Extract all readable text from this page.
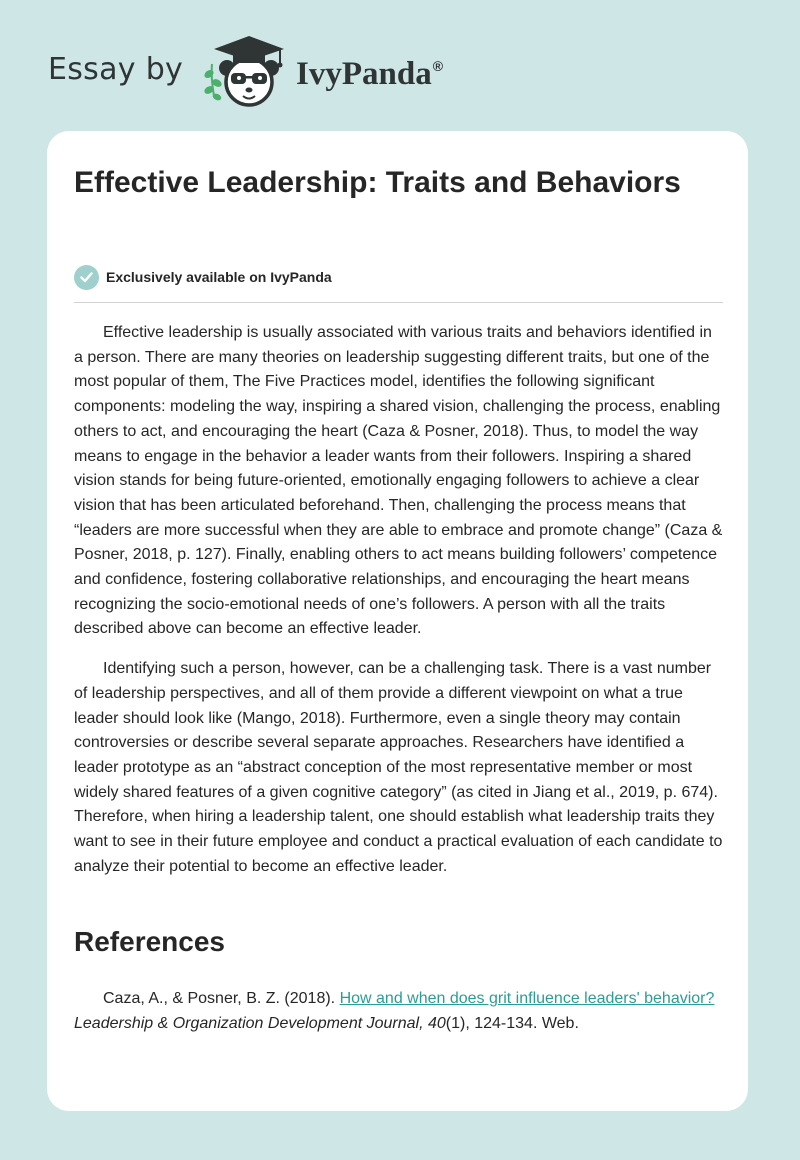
Essay by	IvyPanda®
Effective Leadership: Traits and Behaviors
Exclusively available on IvyPanda

Effective leadership is usually associated with various traits and behaviors identified in a person. There are many theories on leadership suggesting different traits, but one of the most popular of them, The Five Practices model, identifies the following significant components: modeling the way, inspiring a shared vision, challenging the process, enabling others to act, and encouraging the heart (Caza & Posner, 2018). Thus, to model the way means to engage in the behavior a leader wants from their followers. Inspiring a shared vision stands for being future-oriented, emotionally engaging followers to achieve a clear vision that has been articulated beforehand. Then, challenging the process means that “leaders are more successful when they are able to embrace and promote change” (Caza & Posner, 2018, p. 127). Finally, enabling others to act means building followers’ competence and confidence, fostering collaborative relationships, and encouraging the heart means recognizing the socio-emotional needs of one’s followers. A person with all the traits described above can become an effective leader.

Identifying such a person, however, can be a challenging task. There is a vast number of leadership perspectives, and all of them provide a different viewpoint on what a true leader should look like (Mango, 2018). Furthermore, even a single theory may contain controversies or describe several separate approaches. Researchers have identified a leader prototype as an “abstract conception of the most representative member or most widely shared features of a given cognitive category” (as cited in Jiang et al., 2019, p. 674). Therefore, when hiring a leadership talent, one should establish what leadership traits they want to see in their future employee and conduct a practical evaluation of each candidate to analyze their potential to become an effective leader.

References

Caza, A., & Posner, B. Z. (2018). How and when does grit influence leaders' behavior? Leadership & Organization Development Journal, 40(1), 124-134. Web.
